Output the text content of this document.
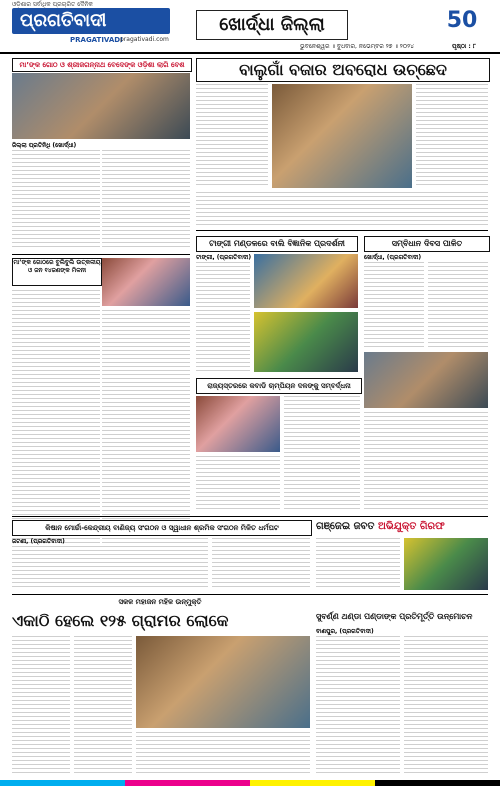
ଓଡ଼ିଶାର ସର୍ବାଧିକ ପ୍ରଚାରିତ ଦୈନିକ
ପ୍ରଗତିବାଦୀ
PRAGATIVADI
pragativadi.com
ଖୋର୍ଦ୍ଧା ଜିଲ୍ଲା	50
ଭୁବନେଶ୍ୱର ॥ ବୁଧବାର, ନଭେମ୍ବର ୨୭ ॥ ୨୦୨୪	ପୃଷ୍ଠା : ୮
ମା’ଙ୍କ ଗୋଠ ଓ ଶ୍ରୀଜଗନ୍ନାଥ ବେଦେଙ୍କ ଓଡ଼ିଶା ଲାଗି ବେଶ
ଜିଲ୍ଲା ପ୍ରତିନିଧି (ଖୋର୍ଦ୍ଧା)
ବାଲୁଗାଁ ବଜାର ଅବରୋଧ ଉଚ୍ଛେଦ
ମା’ଙ୍କ ଗୋଠରେ ବୁଲିବୁଲି ଉତ୍କଳୀୟ ଓ ଜନ ୧୪ଜଣଙ୍କ ମିଳନୀ
ଟାଙ୍ଗୀ ମଣ୍ଡଳରେ ବାଲି ବିଜ୍ଞାନିକ ପ୍ରଦର୍ଶନୀ
ଟାଙ୍ଗୀ, (ପ୍ରଗତିବାଦୀ)
ସମ୍ବିଧାନ ଦିବସ ପାଳିତ
ଖୋର୍ଦ୍ଧା, (ପ୍ରଗତିବାଦୀ)
ରାଜ୍ୟସ୍ତରରେ କବାଡି ଚାମ୍ପିୟନ ଦଳଙ୍କୁ ସମ୍ବର୍ଦ୍ଧନା
କିଷାନ ମୋର୍ଚ୍ଚା-କେନ୍ଦ୍ରୀୟ ବାଣିଜ୍ୟ ସଂଗଠନ ଓ ସ୍ୱାଧୀନ ଶ୍ରମିକ ସଂଗଠନ ମିଳିତ ଧର୍ମଘଟ
ଜଟଣୀ, (ପ୍ରଗତିବାଦୀ)
ଗଞ୍ଜେଇ ଜବତ ଅଭିଯୁକ୍ତ ଗିରଫ
ସକଳ ମହାଜନ ମହିଳ ଉନ୍ମୁକ୍ତି
ଏକାଠି ହେଲେ ୧୨୫ ଗ୍ରାମର ଲୋକେ	ସୁବର୍ଣ୍ଣ ଥଣ୍ଡା ପଣ୍ଡାଙ୍କ ପ୍ରତିମୂର୍ତ୍ତି ଉନ୍ମୋଚନ
ବାଣପୁର, (ପ୍ରଗତିବାଦୀ)
